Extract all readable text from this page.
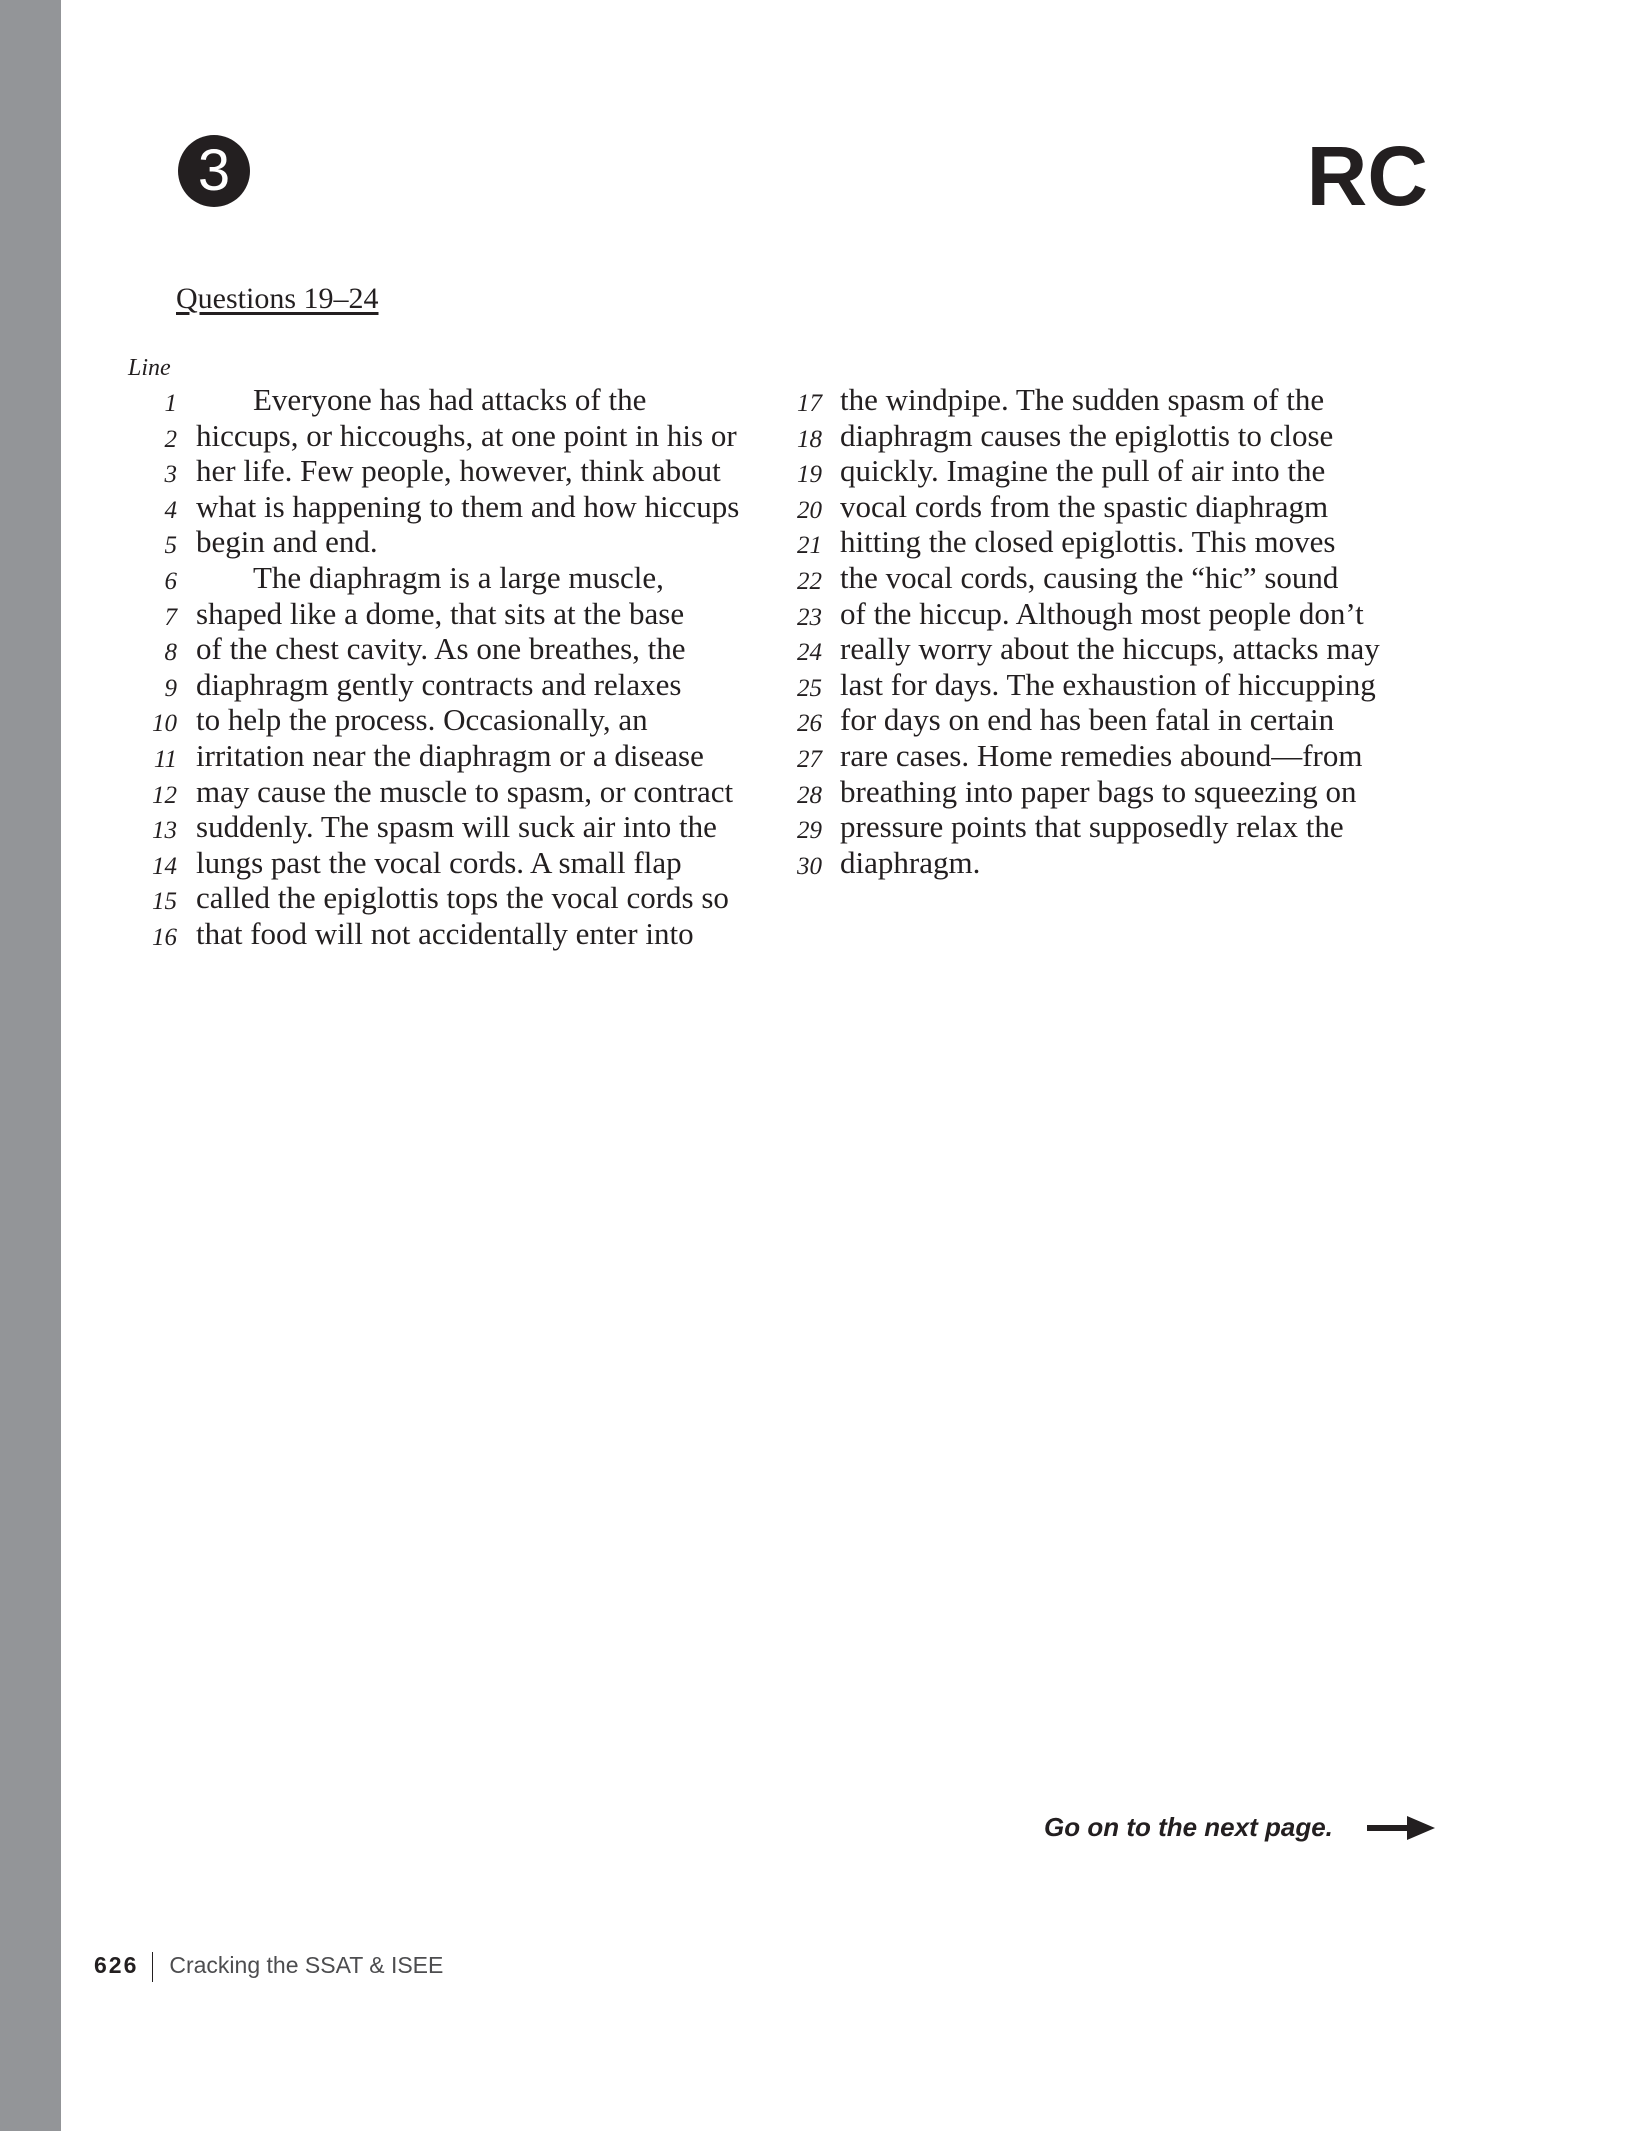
3	RC
Questions 19–24
Line
1 Everyone has had attacks of the
2 hiccups, or hiccoughs, at one point in his or
3 her life. Few people, however, think about
4 what is happening to them and how hiccups
5 begin and end.
6 The diaphragm is a large muscle,
7 shaped like a dome, that sits at the base
8 of the chest cavity. As one breathes, the
9 diaphragm gently contracts and relaxes
10 to help the process. Occasionally, an
11 irritation near the diaphragm or a disease
12 may cause the muscle to spasm, or contract
13 suddenly. The spasm will suck air into the
14 lungs past the vocal cords. A small flap
15 called the epiglottis tops the vocal cords so
16 that food will not accidentally enter into
17 the windpipe. The sudden spasm of the
18 diaphragm causes the epiglottis to close
19 quickly. Imagine the pull of air into the
20 vocal cords from the spastic diaphragm
21 hitting the closed epiglottis. This moves
22 the vocal cords, causing the “hic” sound
23 of the hiccup. Although most people don’t
24 really worry about the hiccups, attacks may
25 last for days. The exhaustion of hiccupping
26 for days on end has been fatal in certain
27 rare cases. Home remedies abound—from
28 breathing into paper bags to squeezing on
29 pressure points that supposedly relax the
30 diaphragm.
Go on to the next page.
626 Cracking the SSAT & ISEE
